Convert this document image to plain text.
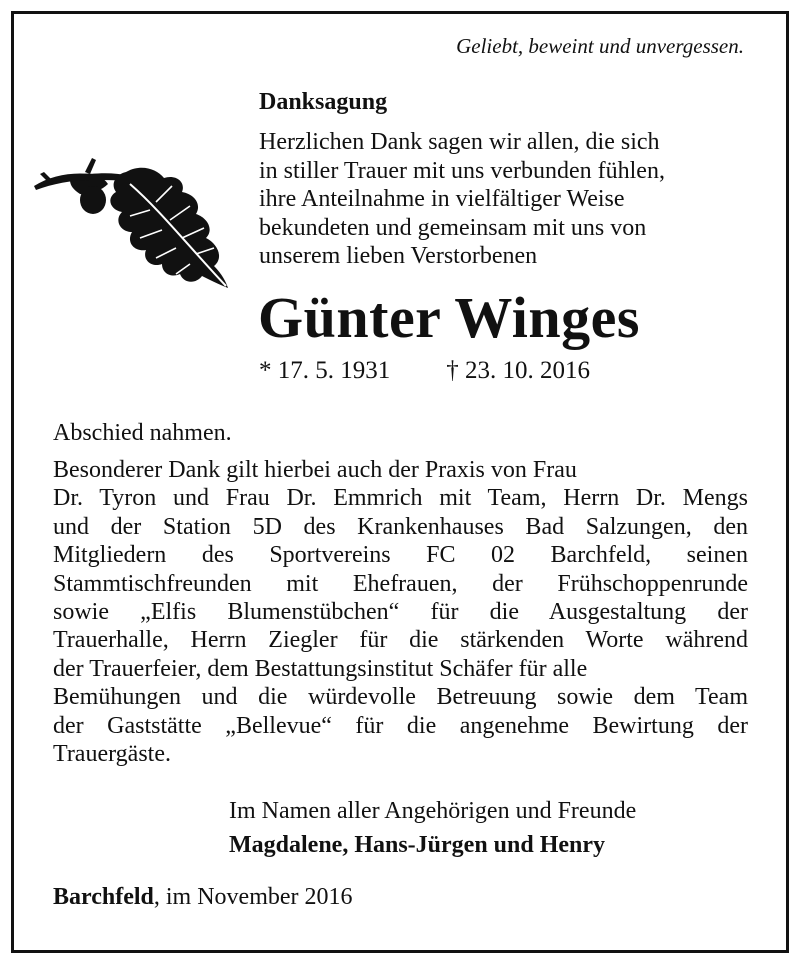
Geliebt, beweint und unvergessen.
Danksagung
Herzlichen Dank sagen wir allen, die sich
in stiller Trauer mit uns verbunden fühlen,
ihre Anteilnahme in vielfältiger Weise
bekundeten und gemeinsam mit uns von
unserem lieben Verstorbenen
Günter Winges
* 17. 5. 1931 † 23. 10. 2016
Abschied nahmen.
Besonderer Dank gilt hierbei auch der Praxis von Frau
Dr. Tyron und Frau Dr. Emmrich mit Team, Herrn Dr. Mengs
und der Station 5D des Krankenhauses Bad Salzungen, den
Mitgliedern des Sportvereins FC 02 Barchfeld, seinen
Stammtischfreunden mit Ehefrauen, der Frühschoppenrunde
sowie „Elfis Blumenstübchen“ für die Ausgestaltung der
Trauerhalle, Herrn Ziegler für die stärkenden Worte während
der Trauerfeier, dem Bestattungsinstitut Schäfer für alle
Bemühungen und die würdevolle Betreuung sowie dem Team
der Gaststätte „Bellevue“ für die angenehme Bewirtung der
Trauergäste.
Im Namen aller Angehörigen und Freunde
Magdalene, Hans-Jürgen und Henry
Barchfeld, im November 2016
